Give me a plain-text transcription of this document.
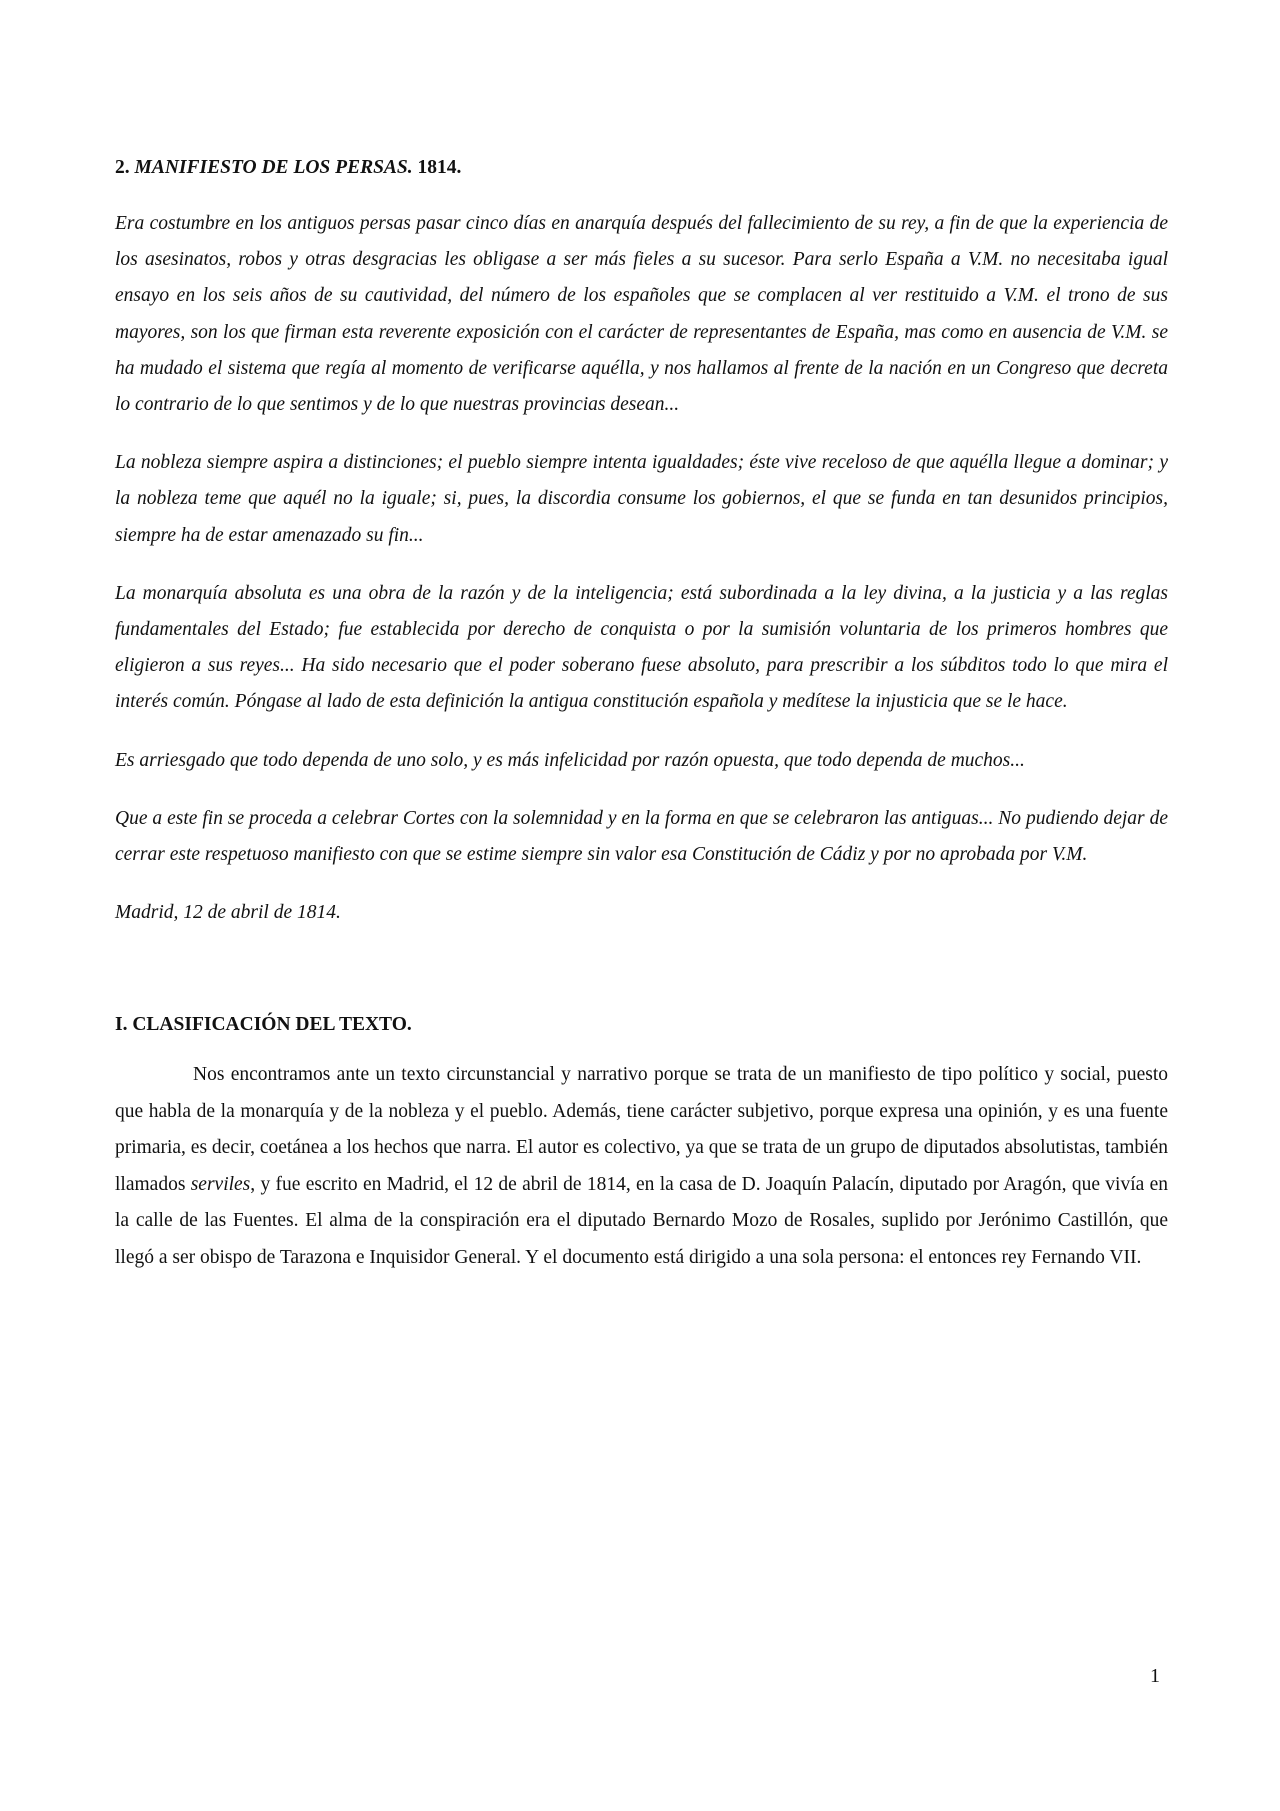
2. MANIFIESTO DE LOS PERSAS. 1814.

Era costumbre en los antiguos persas pasar cinco días en anarquía después del fallecimiento de su rey, a fin de que la experiencia de los asesinatos, robos y otras desgracias les obligase a ser más fieles a su sucesor. Para serlo España a V.M. no necesitaba igual ensayo en los seis años de su cautividad, del número de los españoles que se complacen al ver restituido a V.M. el trono de sus mayores, son los que firman esta reverente exposición con el carácter de representantes de España, mas como en ausencia de V.M. se ha mudado el sistema que regía al momento de verificarse aquélla, y nos hallamos al frente de la nación en un Congreso que decreta lo contrario de lo que sentimos y de lo que nuestras provincias desean...

La nobleza siempre aspira a distinciones; el pueblo siempre intenta igualdades; éste vive receloso de que aquélla llegue a dominar; y la nobleza teme que aquél no la iguale; si, pues, la discordia consume los gobiernos, el que se funda en tan desunidos principios, siempre ha de estar amenazado su fin...

La monarquía absoluta es una obra de la razón y de la inteligencia; está subordinada a la ley divina, a la justicia y a las reglas fundamentales del Estado; fue establecida por derecho de conquista o por la sumisión voluntaria de los primeros hombres que eligieron a sus reyes... Ha sido necesario que el poder soberano fuese absoluto, para prescribir a los súbditos todo lo que mira el interés común. Póngase al lado de esta definición la antigua constitución española y medítese la injusticia que se le hace.

Es arriesgado que todo dependa de uno solo, y es más infelicidad por razón opuesta, que todo dependa de muchos...

Que a este fin se proceda a celebrar Cortes con la solemnidad y en la forma en que se celebraron las antiguas... No pudiendo dejar de cerrar este respetuoso manifiesto con que se estime siempre sin valor esa Constitución de Cádiz y por no aprobada por V.M.

Madrid, 12 de abril de 1814.

I. CLASIFICACIÓN DEL TEXTO.

Nos encontramos ante un texto circunstancial y narrativo porque se trata de un manifiesto de tipo político y social, puesto que habla de la monarquía y de la nobleza y el pueblo. Además, tiene carácter subjetivo, porque expresa una opinión, y es una fuente primaria, es decir, coetánea a los hechos que narra. El autor es colectivo, ya que se trata de un grupo de diputados absolutistas, también llamados serviles, y fue escrito en Madrid, el 12 de abril de 1814, en la casa de D. Joaquín Palacín, diputado por Aragón, que vivía en la calle de las Fuentes. El alma de la conspiración era el diputado Bernardo Mozo de Rosales, suplido por Jerónimo Castillón, que llegó a ser obispo de Tarazona e Inquisidor General. Y el documento está dirigido a una sola persona: el entonces rey Fernando VII.

1
